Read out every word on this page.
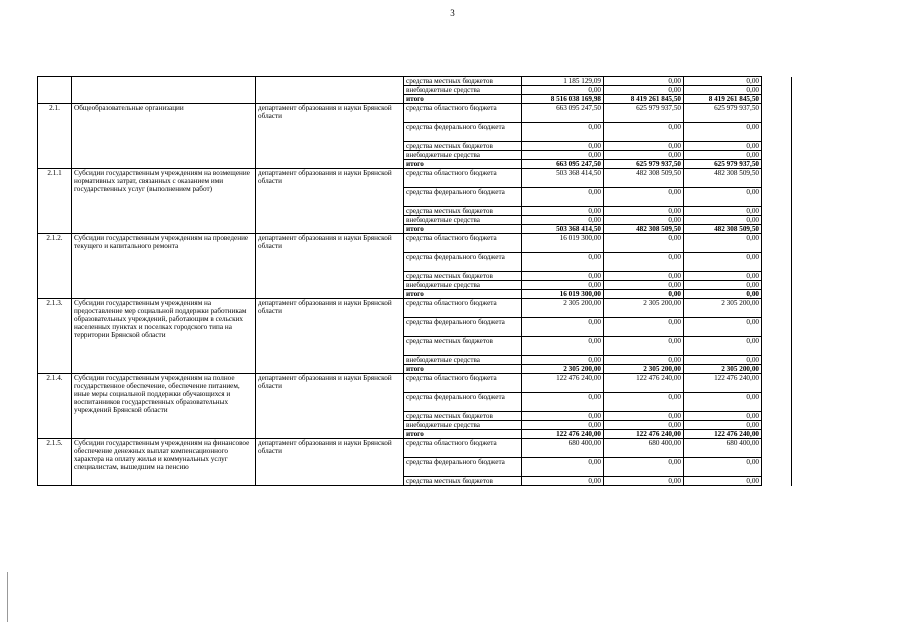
3
			средства местных бюджетов	1 185 129,09	0,00	0,00	
			внебюджетные средства	0,00	0,00	0,00	
			итого	8 516 038 169,98	8 419 261 845,50	8 419 261 845,50	
2.1.	Общеобразовательные организации	департамент образования и науки Брянской области	средства областного бюджета	663 095 247,50	625 979 937,50	625 979 937,50	
			средства федерального бюджета	0,00	0,00	0,00	
			средства местных бюджетов	0,00	0,00	0,00	
			внебюджетные средства	0,00	0,00	0,00	
			итого	663 095 247,50	625 979 937,50	625 979 937,50	
2.1.1	Субсидии государственным учреждениям на возмещение нормативных затрат, связанных с оказанием ими государственных услуг (выполнением работ)	департамент образования и науки Брянской области	средства областного бюджета	503 368 414,50	482 308 509,50	482 308 509,50	
			средства федерального бюджета	0,00	0,00	0,00	
			средства местных бюджетов	0,00	0,00	0,00	
			внебюджетные средства	0,00	0,00	0,00	
			итого	503 368 414,50	482 308 509,50	482 308 509,50	
2.1.2.	Субсидии государственным учреждениям на проведение текущего и капитального ремонта	департамент образования и науки Брянской области	средства областного бюджета	16 019 300,00	0,00	0,00	
			средства федерального бюджета	0,00	0,00	0,00	
			средства местных бюджетов	0,00	0,00	0,00	
			внебюджетные средства	0,00	0,00	0,00	
			итого	16 019 300,00	0,00	0,00	
2.1.3.	Субсидии государственным учреждениям на предоставление мер социальной поддержки работникам образовательных учреждений, работающим в сельских населенных пунктах и поселках городского типа на территории Брянской области	департамент образования и науки Брянской области	средства областного бюджета	2 305 200,00	2 305 200,00	2 305 200,00	
			средства федерального бюджета	0,00	0,00	0,00	
			средства местных бюджетов	0,00	0,00	0,00	
			внебюджетные средства	0,00	0,00	0,00	
			итого	2 305 200,00	2 305 200,00	2 305 200,00	
2.1.4.	Субсидии государственным учреждениям на полное государственное обеспечение, обеспечение питанием, иные меры социальной поддержки обучающихся и воспитанников государственных образовательных учреждений Брянской области	департамент образования и науки Брянской области	средства областного бюджета	122 476 240,00	122 476 240,00	122 476 240,00	
			средства федерального бюджета	0,00	0,00	0,00	
			средства местных бюджетов	0,00	0,00	0,00	
			внебюджетные средства	0,00	0,00	0,00	
			итого	122 476 240,00	122 476 240,00	122 476 240,00	
2.1.5.	Субсидии государственным учреждениям на финансовое обеспечение денежных выплат компенсационного характера на оплату жилья и коммунальных услуг специалистам, вышедшим на пенсию	департамент образования и науки Брянской области	средства областного бюджета	680 400,00	680 400,00	680 400,00	
			средства федерального бюджета	0,00	0,00	0,00	
			средства местных бюджетов	0,00	0,00	0,00	
